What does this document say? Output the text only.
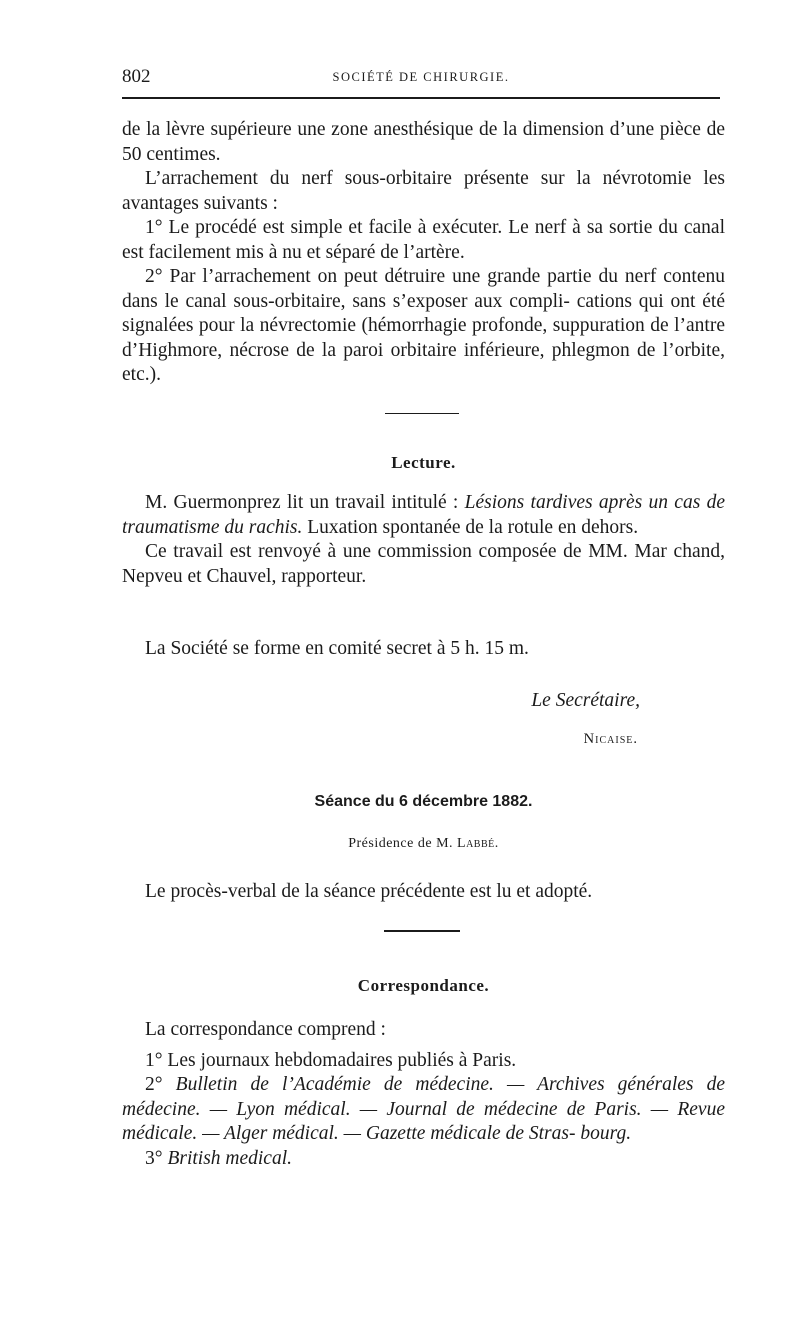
802	SOCIÉTÉ DE CHIRURGIE.

de la lèvre supérieure une zone anesthésique de la dimension d’une pièce de 50 centimes.

L’arrachement du nerf sous-orbitaire présente sur la névrotomie les avantages suivants :

1° Le procédé est simple et facile à exécuter. Le nerf à sa sortie du canal est facilement mis à nu et séparé de l’artère.

2° Par l’arrachement on peut détruire une grande partie du nerf contenu dans le canal sous-orbitaire, sans s’exposer aux compli- cations qui ont été signalées pour la névrectomie (hémorrhagie profonde, suppuration de l’antre d’Highmore, nécrose de la paroi orbitaire inférieure, phlegmon de l’orbite, etc.).

Lecture.

M. Guermonprez lit un travail intitulé : Lésions tardives après un cas de traumatisme du rachis. Luxation spontanée de la rotule en dehors.

Ce travail est renvoyé à une commission composée de MM. Mar chand, Nepveu et Chauvel, rapporteur.

La Société se forme en comité secret à 5 h. 15 m.

Le Secrétaire,
Nicaise.
Séance du 6 décembre 1882.
Présidence de M. Labbé.

Le procès-verbal de la séance précédente est lu et adopté.

Correspondance.

La correspondance comprend :

1° Les journaux hebdomadaires publiés à Paris.

2° Bulletin de l’Académie de médecine. — Archives générales de médecine. — Lyon médical. — Journal de médecine de Paris. — Revue médicale. — Alger médical. — Gazette médicale de Stras- bourg.

3° British medical.
